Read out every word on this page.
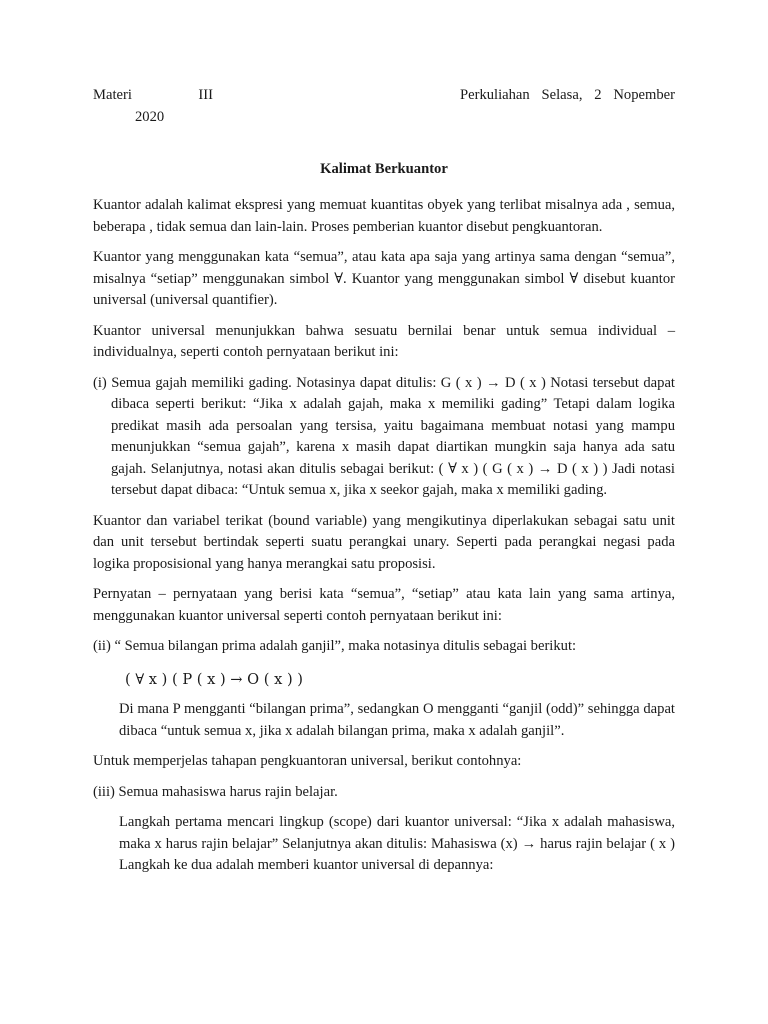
Materi	III	Perkuliahan Selasa, 2 Nopember
2020
Kalimat Berkuantor

Kuantor adalah kalimat ekspresi yang memuat kuantitas obyek yang terlibat misalnya ada , semua, beberapa , tidak semua dan lain-lain. Proses pemberian kuantor disebut pengkuantoran.

Kuantor yang menggunakan kata “semua”, atau kata apa saja yang artinya sama dengan “semua”, misalnya “setiap” menggunakan simbol ∀. Kuantor yang menggunakan simbol ∀ disebut kuantor universal (universal quantifier).

Kuantor universal menunjukkan bahwa sesuatu bernilai benar untuk semua individual – individualnya, seperti contoh pernyataan berikut ini:

(i) Semua gajah memiliki gading. Notasinya dapat ditulis: G ( x ) → D ( x ) Notasi tersebut dapat dibaca seperti berikut: “Jika x adalah gajah, maka x memiliki gading” Tetapi dalam logika predikat masih ada persoalan yang tersisa, yaitu bagaimana membuat notasi yang mampu menunjukkan “semua gajah”, karena x masih dapat diartikan mungkin saja hanya ada satu gajah. Selanjutnya, notasi akan ditulis sebagai berikut: ( ∀ x ) ( G ( x ) → D ( x ) ) Jadi notasi tersebut dapat dibaca: “Untuk semua x, jika x seekor gajah, maka x memiliki gading.

Kuantor dan variabel terikat (bound variable) yang mengikutinya diperlakukan sebagai satu unit dan unit tersebut bertindak seperti suatu perangkai unary. Seperti pada perangkai negasi pada logika proposisional yang hanya merangkai satu proposisi.

Pernyatan – pernyataan yang berisi kata “semua”, “setiap” atau kata lain yang sama artinya, menggunakan kuantor universal seperti contoh pernyataan berikut ini:

(ii) “ Semua bilangan prima adalah ganjil”, maka notasinya ditulis sebagai berikut:

( ∀ x ) ( P ( x ) → O ( x ) )

Di mana P mengganti “bilangan prima”, sedangkan O mengganti “ganjil (odd)” sehingga dapat dibaca “untuk semua x, jika x adalah bilangan prima, maka x adalah ganjil”.

Untuk memperjelas tahapan pengkuantoran universal, berikut contohnya:

(iii) Semua mahasiswa harus rajin belajar.

Langkah pertama mencari lingkup (scope) dari kuantor universal: “Jika x adalah mahasiswa, maka x harus rajin belajar” Selanjutnya akan ditulis: Mahasiswa (x) → harus rajin belajar ( x ) Langkah ke dua adalah memberi kuantor universal di depannya:
